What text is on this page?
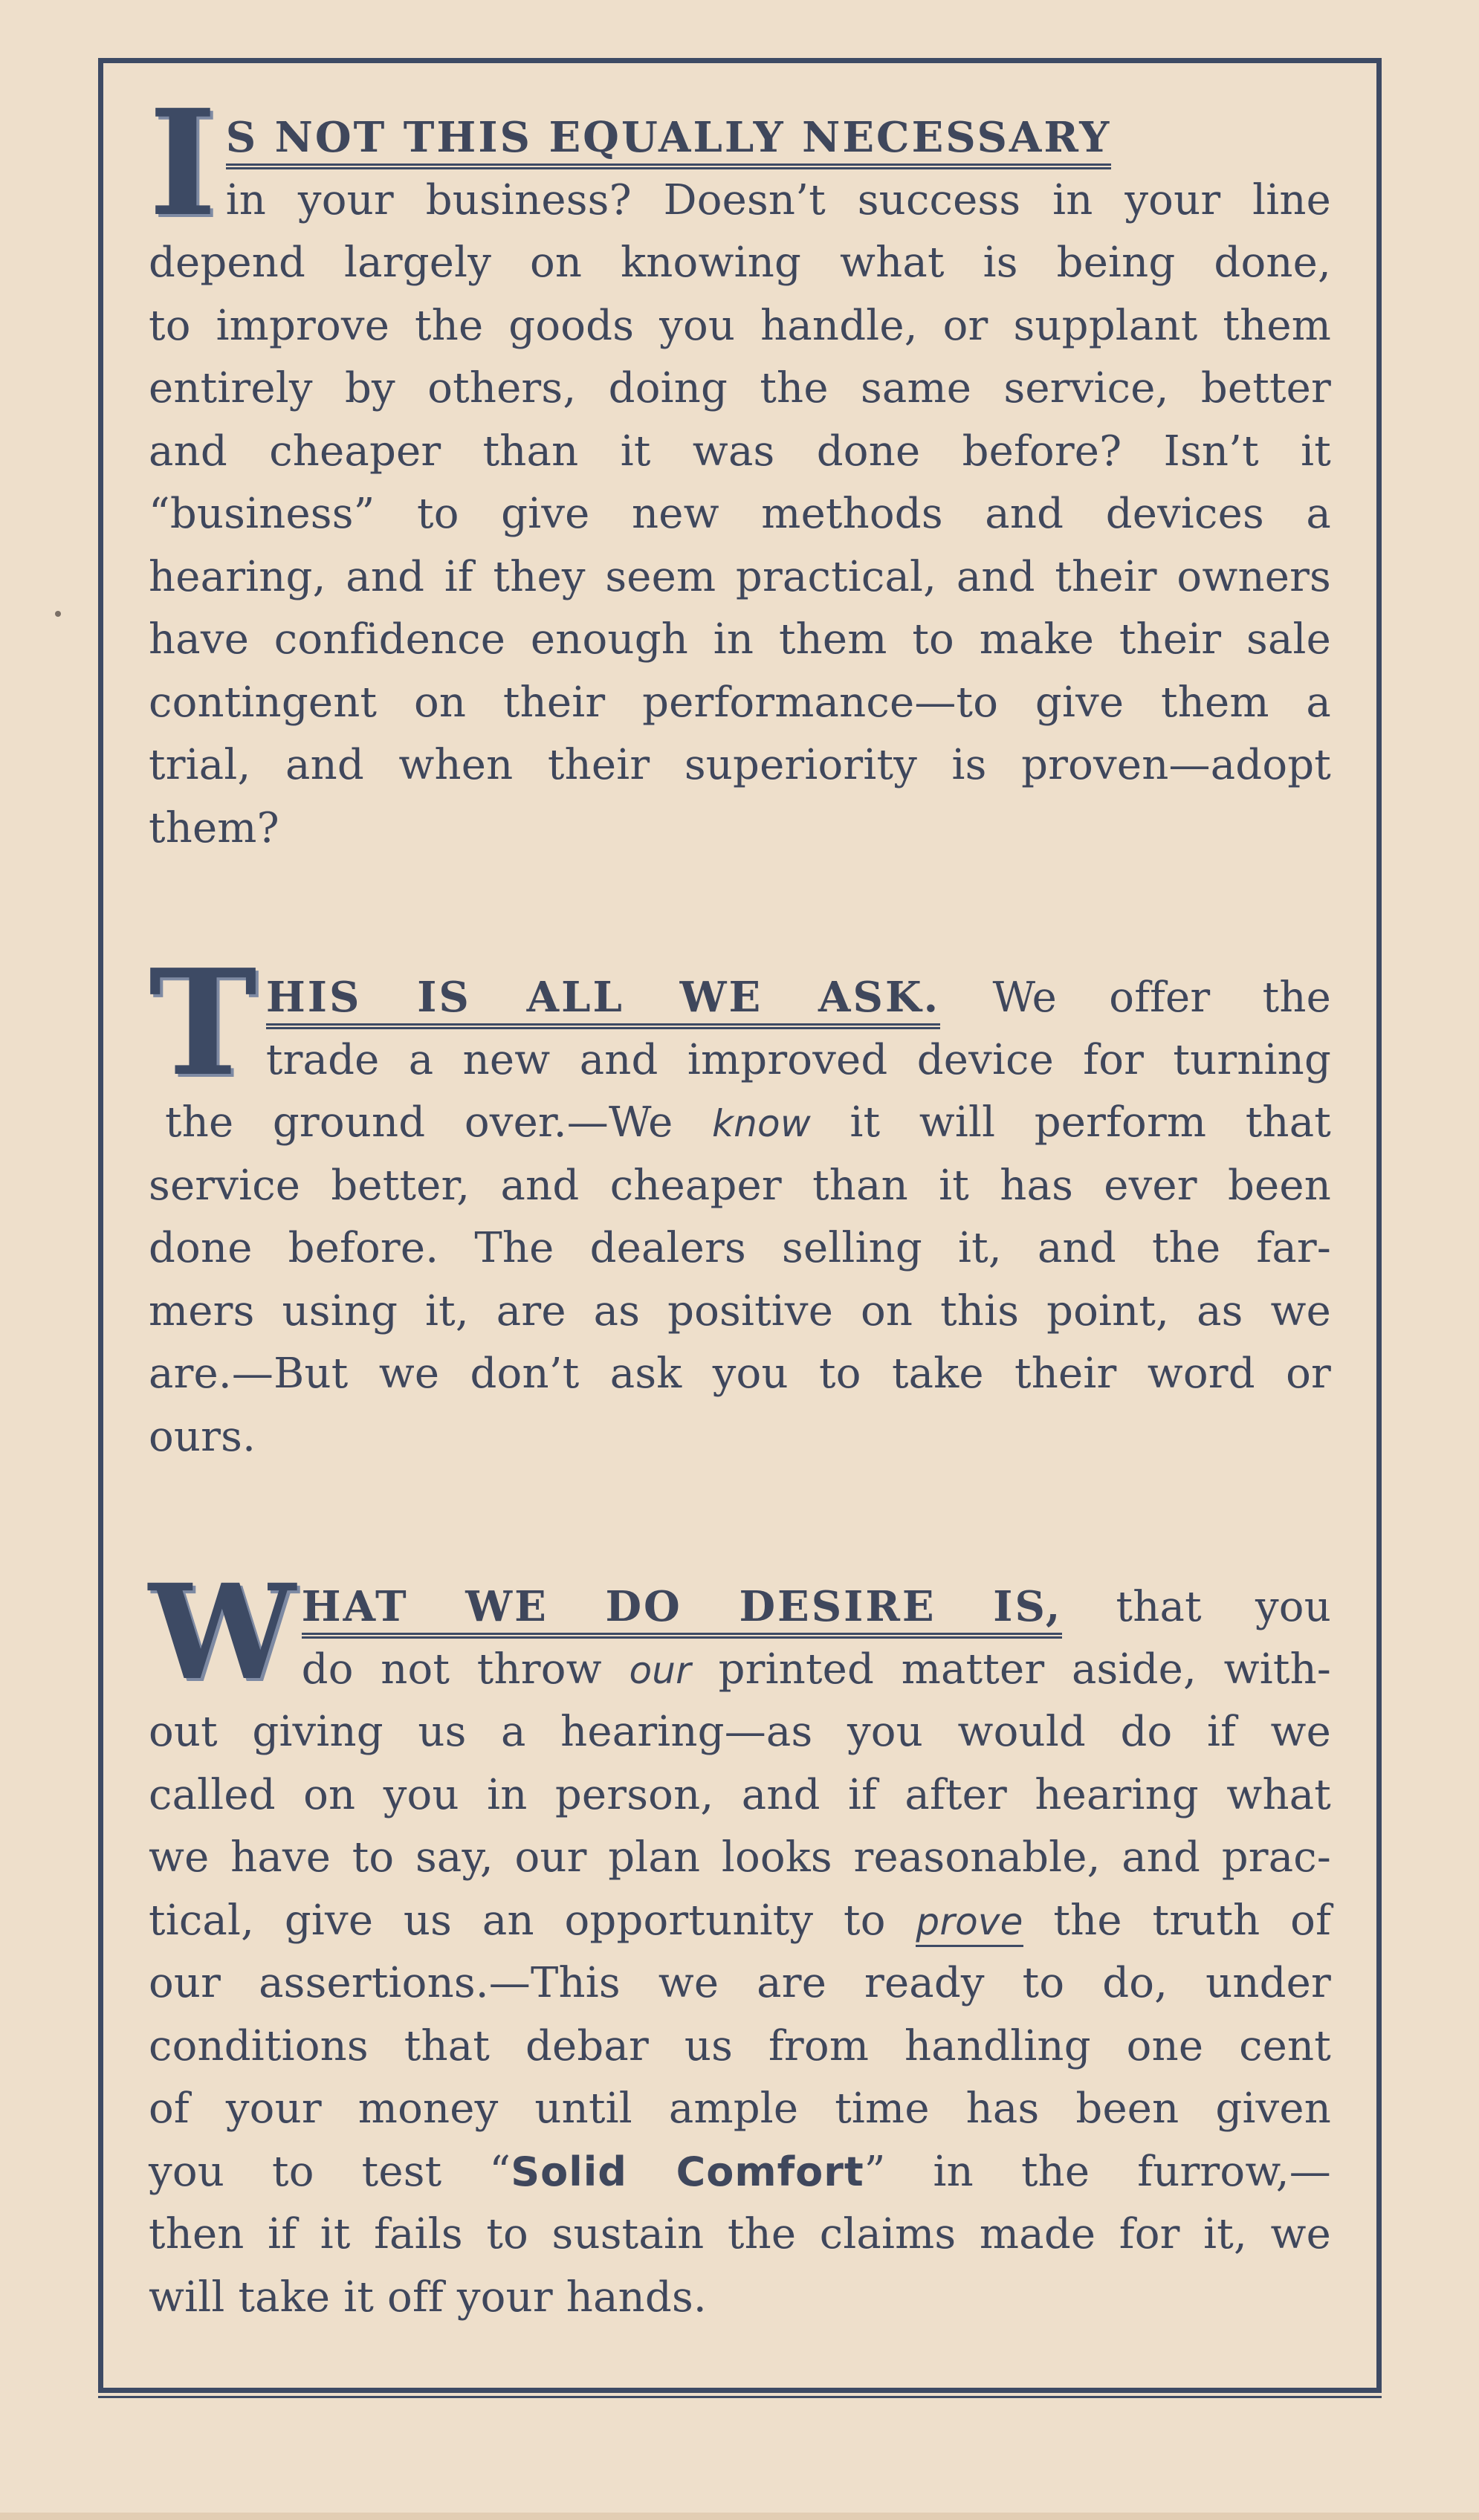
I S NOT THIS EQUALLY NECESSARY
in your business? Doesn’t success in your line
depend largely on knowing what is being done,
to improve the goods you handle, or supplant them
entirely by others, doing the same service, better
and cheaper than it was done before? Isn’t it
“business” to give new methods and devices a
hearing, and if they seem practical, and their owners
have confidence enough in them to make their sale
contingent on their performance—to give them a
trial, and when their superiority is proven—adopt
them?
T HIS IS ALL WE ASK. We offer the
trade a new and improved device for turning
the ground over.—We know it will perform that
service better, and cheaper than it has ever been
done before. The dealers selling it, and the far-
mers using it, are as positive on this point, as we
are.—But we don’t ask you to take their word or
ours.
W HAT WE DO DESIRE IS, that you
do not throw our printed matter aside, with-
out giving us a hearing—as you would do if we
called on you in person, and if after hearing what
we have to say, our plan looks reasonable, and prac-
tical, give us an opportunity to prove the truth of
our assertions.—This we are ready to do, under
conditions that debar us from handling one cent
of your money until ample time has been given
you to test “Solid Comfort” in the furrow,—
then if it fails to sustain the claims made for it, we
will take it off your hands.
